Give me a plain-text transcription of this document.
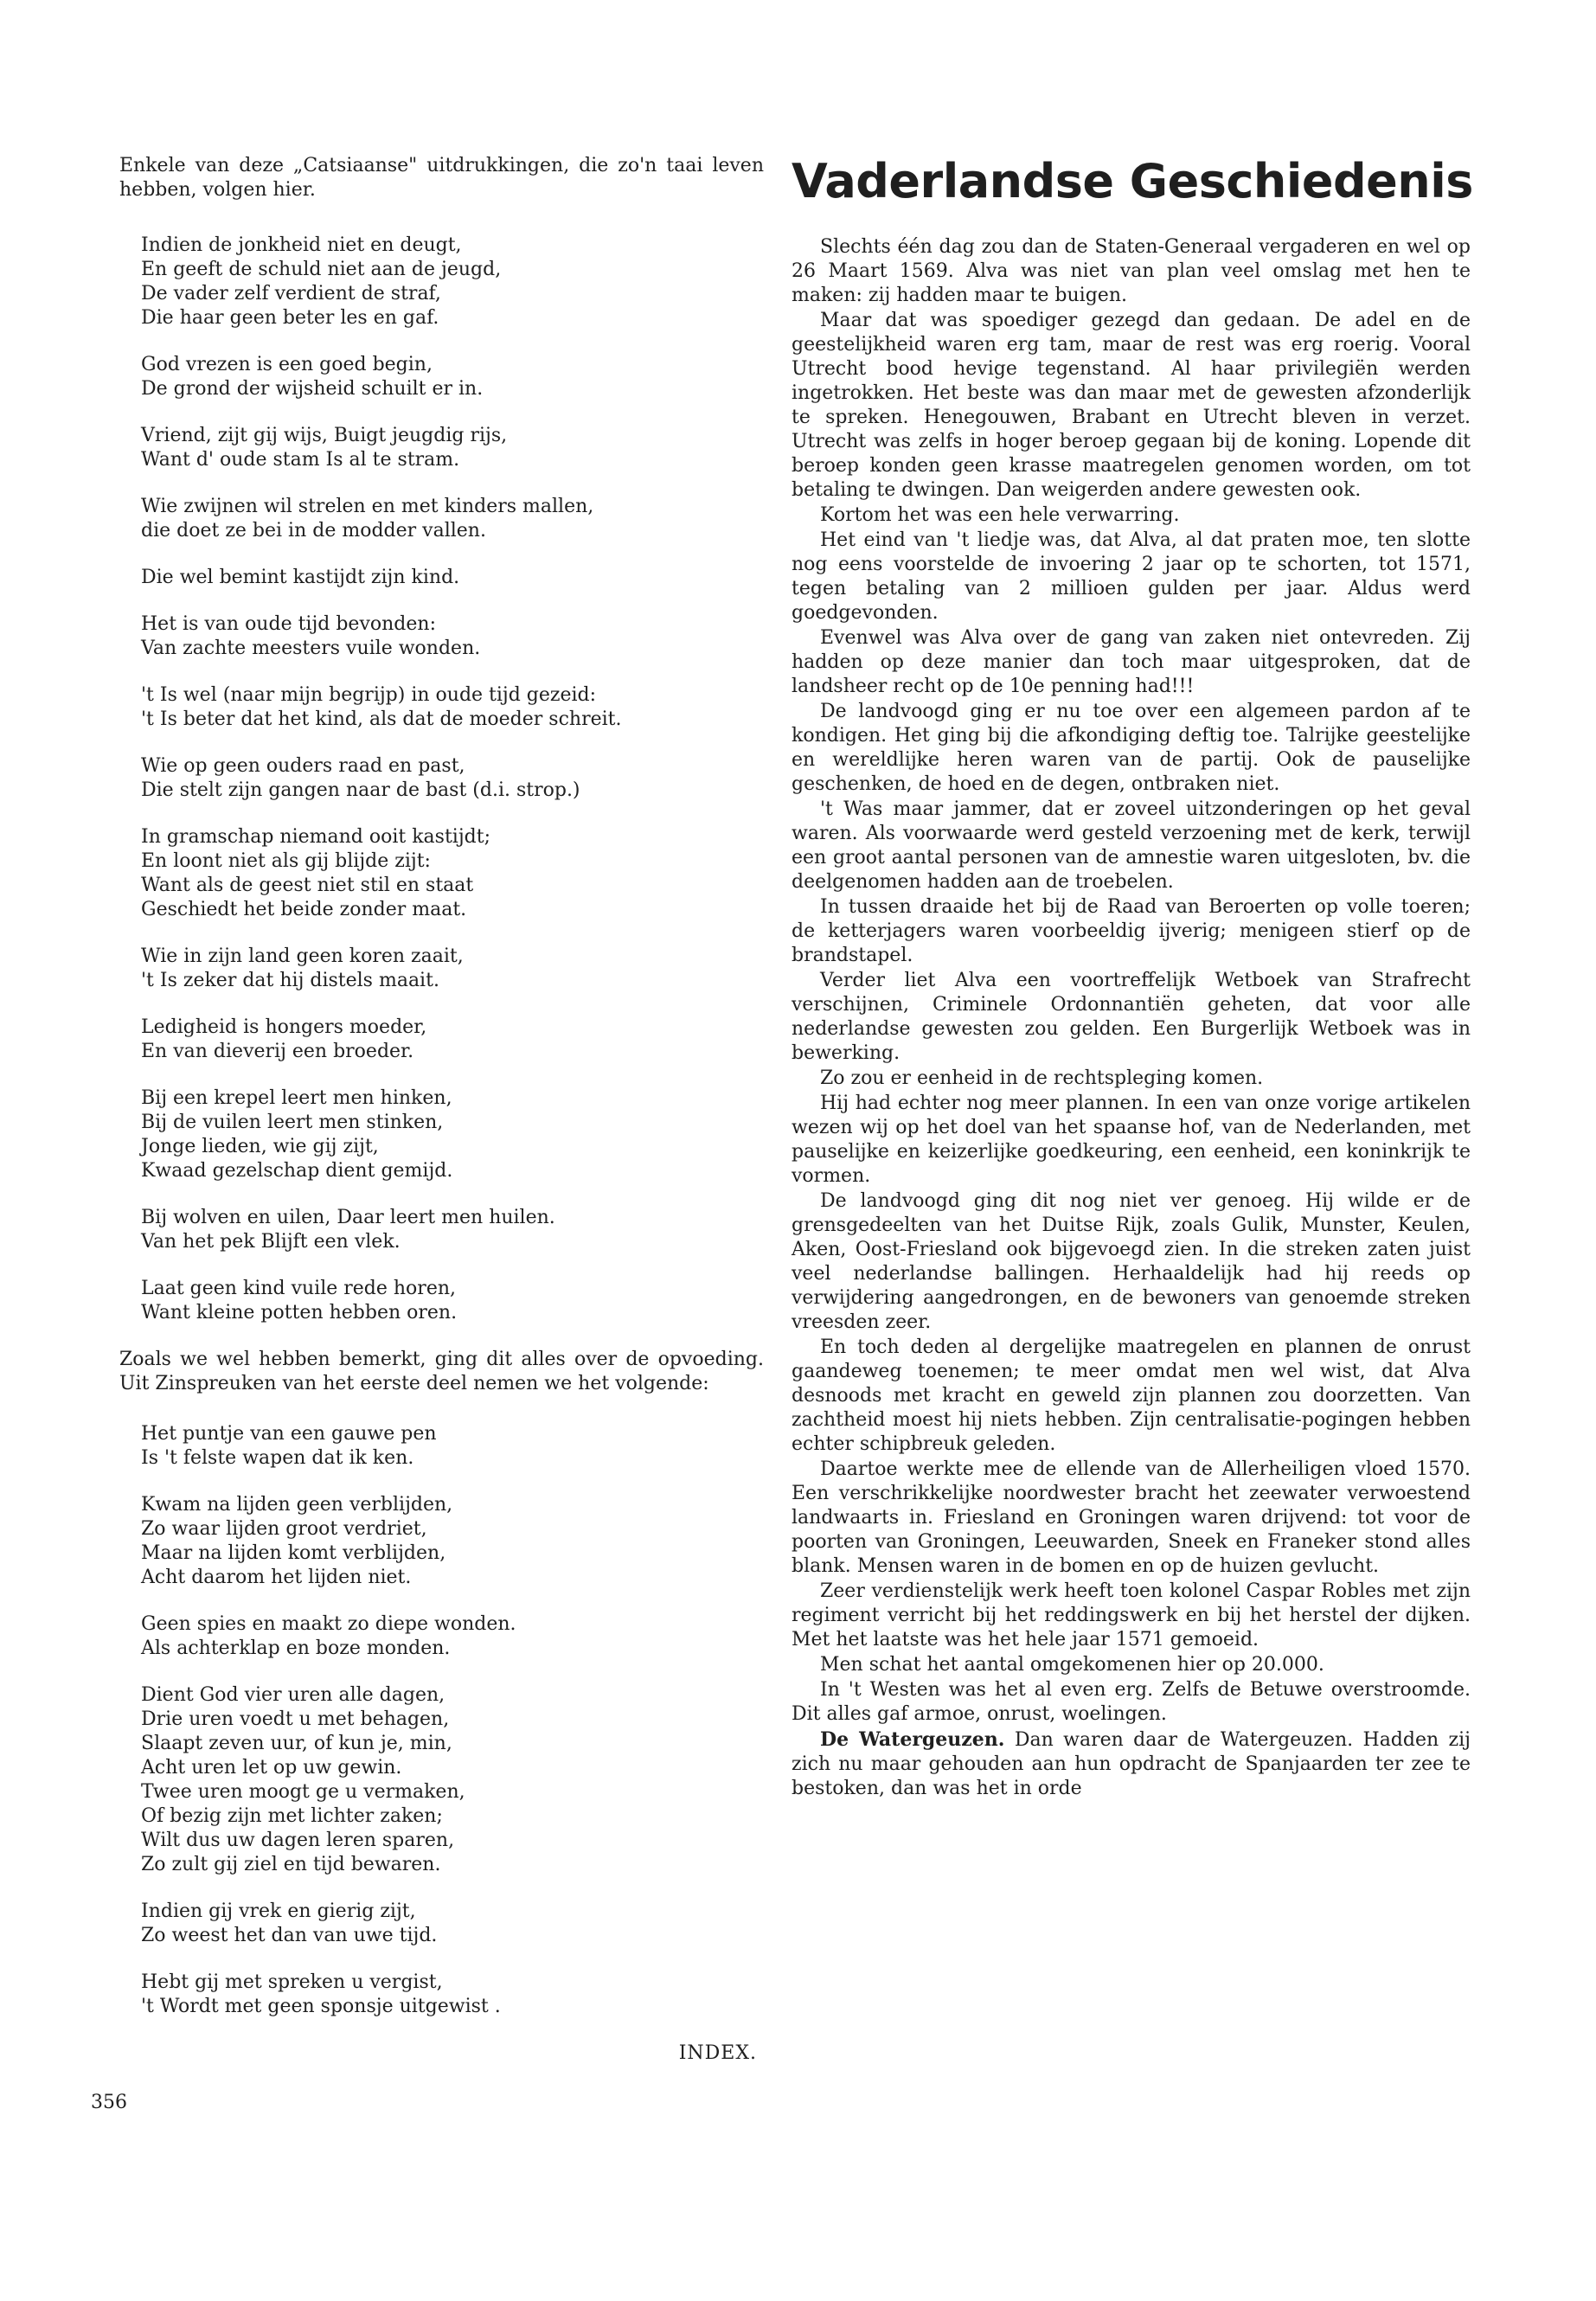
Enkele van deze „Catsiaanse" uitdrukkingen, die zo'n taai leven hebben, volgen hier.

Indien de jonkheid niet en deugt,
En geeft de schuld niet aan de jeugd,
De vader zelf verdient de straf,
Die haar geen beter les en gaf.
God vrezen is een goed begin,
De grond der wijsheid schuilt er in.
Vriend, zijt gij wijs, Buigt jeugdig rijs,
Want d' oude stam Is al te stram.
Wie zwijnen wil strelen en met kinders mallen,
die doet ze bei in de modder vallen.
Die wel bemint kastijdt zijn kind.
Het is van oude tijd bevonden:
Van zachte meesters vuile wonden.
't Is wel (naar mijn begrijp) in oude tijd gezeid:
't Is beter dat het kind, als dat de moeder schreit.
Wie op geen ouders raad en past,
Die stelt zijn gangen naar de bast (d.i. strop.)
In gramschap niemand ooit kastijdt;
En loont niet als gij blijde zijt:
Want als de geest niet stil en staat
Geschiedt het beide zonder maat.
Wie in zijn land geen koren zaait,
't Is zeker dat hij distels maait.
Ledigheid is hongers moeder,
En van dieverij een broeder.
Bij een krepel leert men hinken,
Bij de vuilen leert men stinken,
Jonge lieden, wie gij zijt,
Kwaad gezelschap dient gemijd.
Bij wolven en uilen, Daar leert men huilen.
Van het pek Blijft een vlek.
Laat geen kind vuile rede horen,
Want kleine potten hebben oren.

Zoals we wel hebben bemerkt, ging dit alles over de opvoeding. Uit Zinspreuken van het eerste deel nemen we het volgende:

Het puntje van een gauwe pen
Is 't felste wapen dat ik ken.
Kwam na lijden geen verblijden,
Zo waar lijden groot verdriet,
Maar na lijden komt verblijden,
Acht daarom het lijden niet.
Geen spies en maakt zo diepe wonden.
Als achterklap en boze monden.
Dient God vier uren alle dagen,
Drie uren voedt u met behagen,
Slaapt zeven uur, of kun je, min,
Acht uren let op uw gewin.
Twee uren moogt ge u vermaken,
Of bezig zijn met lichter zaken;
Wilt dus uw dagen leren sparen,
Zo zult gij ziel en tijd bewaren.
Indien gij vrek en gierig zijt,
Zo weest het dan van uwe tijd.
Hebt gij met spreken u vergist,
't Wordt met geen sponsje uitgewist .
INDEX.
Vaderlandse Geschiedenis

Slechts één dag zou dan de Staten-Generaal vergaderen en wel op 26 Maart 1569. Alva was niet van plan veel omslag met hen te maken: zij hadden maar te buigen.

Maar dat was spoediger gezegd dan gedaan. De adel en de geestelijkheid waren erg tam, maar de rest was erg roerig. Vooral Utrecht bood hevige tegenstand. Al haar privilegiën werden ingetrokken. Het beste was dan maar met de gewesten afzonderlijk te spreken. Henegouwen, Brabant en Utrecht bleven in verzet. Utrecht was zelfs in hoger beroep gegaan bij de koning. Lopende dit beroep konden geen krasse maatregelen genomen worden, om tot betaling te dwingen. Dan weigerden andere gewesten ook.

Kortom het was een hele verwarring.

Het eind van 't liedje was, dat Alva, al dat praten moe, ten slotte nog eens voorstelde de invoering 2 jaar op te schorten, tot 1571, tegen betaling van 2 millioen gulden per jaar. Aldus werd goedgevonden.

Evenwel was Alva over de gang van zaken niet ontevreden. Zij hadden op deze manier dan toch maar uitgesproken, dat de landsheer recht op de 10e penning had!!!

De landvoogd ging er nu toe over een algemeen pardon af te kondigen. Het ging bij die afkondiging deftig toe. Talrijke geestelijke en wereldlijke heren waren van de partij. Ook de pauselijke geschenken, de hoed en de degen, ontbraken niet.

't Was maar jammer, dat er zoveel uitzonderingen op het geval waren. Als voorwaarde werd gesteld verzoening met de kerk, terwijl een groot aantal personen van de amnestie waren uitgesloten, bv. die deelgenomen hadden aan de troebelen.

In tussen draaide het bij de Raad van Beroerten op volle toeren; de ketterjagers waren voorbeeldig ijverig; menigeen stierf op de brandstapel.

Verder liet Alva een voortreffelijk Wetboek van Strafrecht verschijnen, Criminele Ordonnantiën geheten, dat voor alle nederlandse gewesten zou gelden. Een Burgerlijk Wetboek was in bewerking.

Zo zou er eenheid in de rechtspleging komen.

Hij had echter nog meer plannen. In een van onze vorige artikelen wezen wij op het doel van het spaanse hof, van de Nederlanden, met pauselijke en keizerlijke goedkeuring, een eenheid, een koninkrijk te vormen.

De landvoogd ging dit nog niet ver genoeg. Hij wilde er de grensgedeelten van het Duitse Rijk, zoals Gulik, Munster, Keulen, Aken, Oost-Friesland ook bijgevoegd zien. In die streken zaten juist veel nederlandse ballingen. Herhaaldelijk had hij reeds op verwijdering aangedrongen, en de bewoners van genoemde streken vreesden zeer.

En toch deden al dergelijke maatregelen en plannen de onrust gaandeweg toenemen; te meer omdat men wel wist, dat Alva desnoods met kracht en geweld zijn plannen zou doorzetten. Van zachtheid moest hij niets hebben. Zijn centralisatie-pogingen hebben echter schipbreuk geleden.

Daartoe werkte mee de ellende van de Allerheiligen vloed 1570. Een verschrikkelijke noordwester bracht het zeewater verwoestend landwaarts in. Friesland en Groningen waren drijvend: tot voor de poorten van Groningen, Leeuwarden, Sneek en Franeker stond alles blank. Mensen waren in de bomen en op de huizen gevlucht.

Zeer verdienstelijk werk heeft toen kolonel Caspar Robles met zijn regiment verricht bij het reddingswerk en bij het herstel der dijken. Met het laatste was het hele jaar 1571 gemoeid.

Men schat het aantal omgekomenen hier op 20.000.

In 't Westen was het al even erg. Zelfs de Betuwe overstroomde. Dit alles gaf armoe, onrust, woelingen.

De Watergeuzen. Dan waren daar de Watergeuzen. Hadden zij zich nu maar gehouden aan hun opdracht de Spanjaarden ter zee te bestoken, dan was het in orde

356
